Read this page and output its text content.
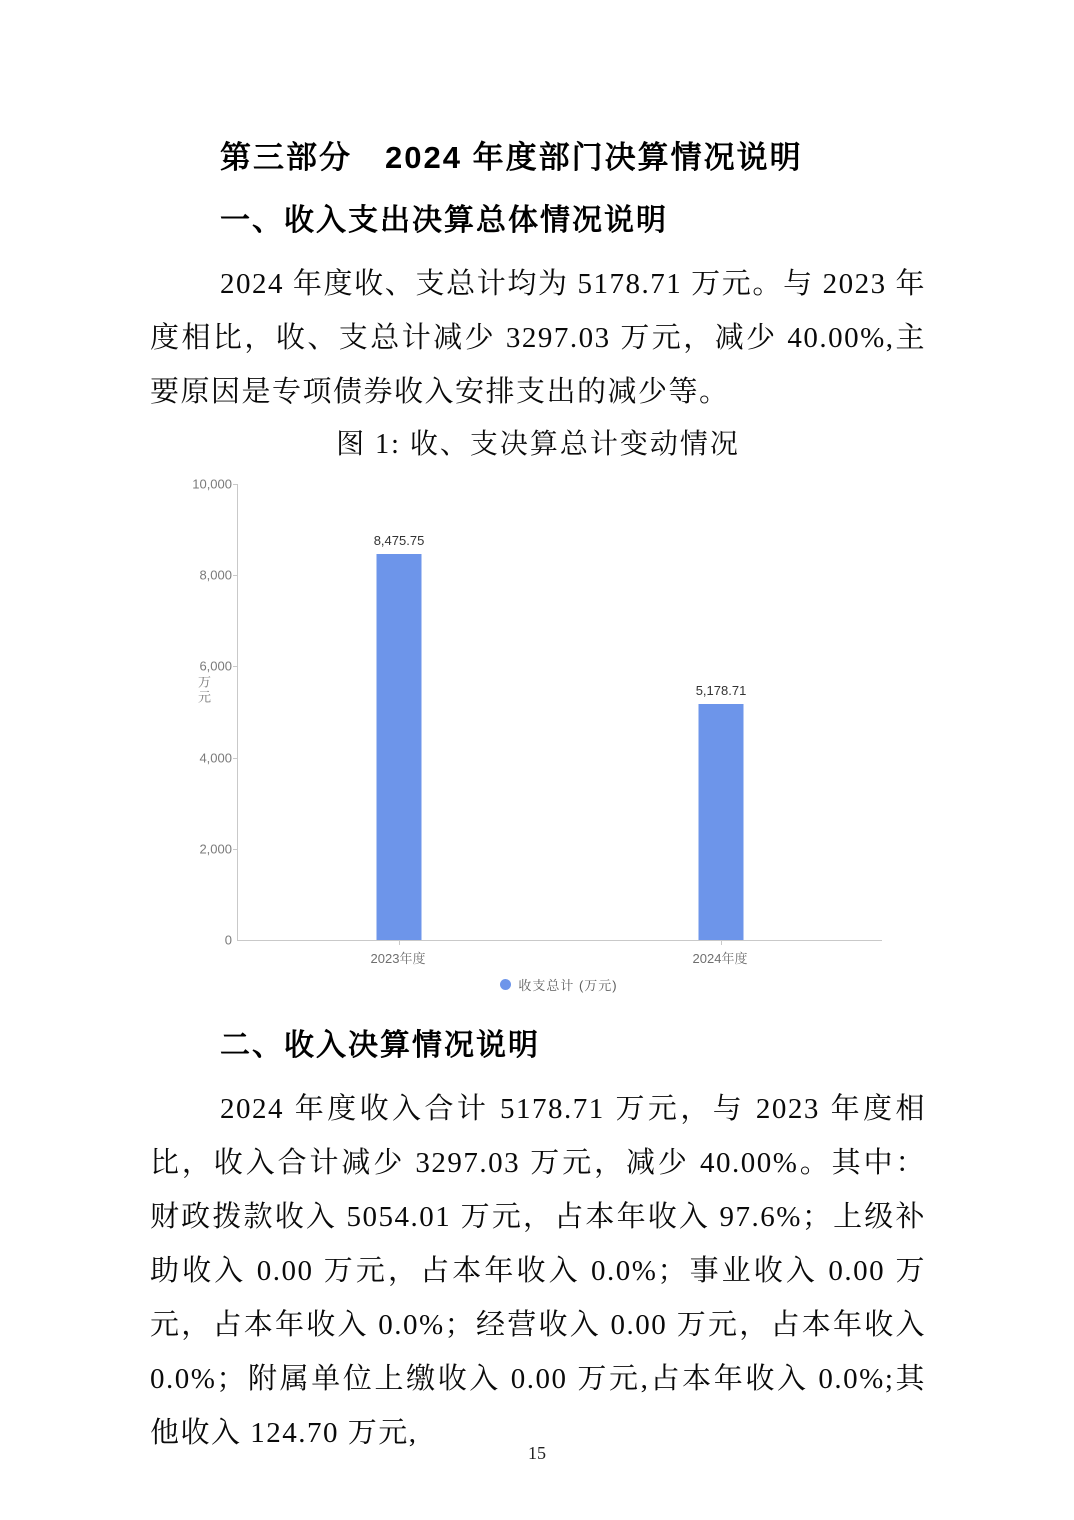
第三部分　2024 年度部门决算情况说明
一、收入支出决算总体情况说明

2024 年度收、支总计均为 5178.71 万元。与 2023 年度相比，收、支总计减少 3297.03 万元，减少 40.00%,主要原因是专项债券收入安排支出的减少等。

图 1: 收、支决算总计变动情况
万元
0
2,000
4,000
6,000
8,000
10,000
8,475.75
5,178.71
2023年度	2024年度
收支总计 (万元)
二、收入决算情况说明

2024 年度收入合计 5178.71 万元，与 2023 年度相比，收入合计减少 3297.03 万元，减少 40.00%。其中：财政拨款收入 5054.01 万元，占本年收入 97.6%；上级补助收入 0.00 万元，占本年收入 0.0%；事业收入 0.00 万元，占本年收入 0.0%；经营收入 0.00 万元，占本年收入 0.0%；附属单位上缴收入 0.00 万元,占本年收入 0.0%;其他收入 124.70 万元,

15
